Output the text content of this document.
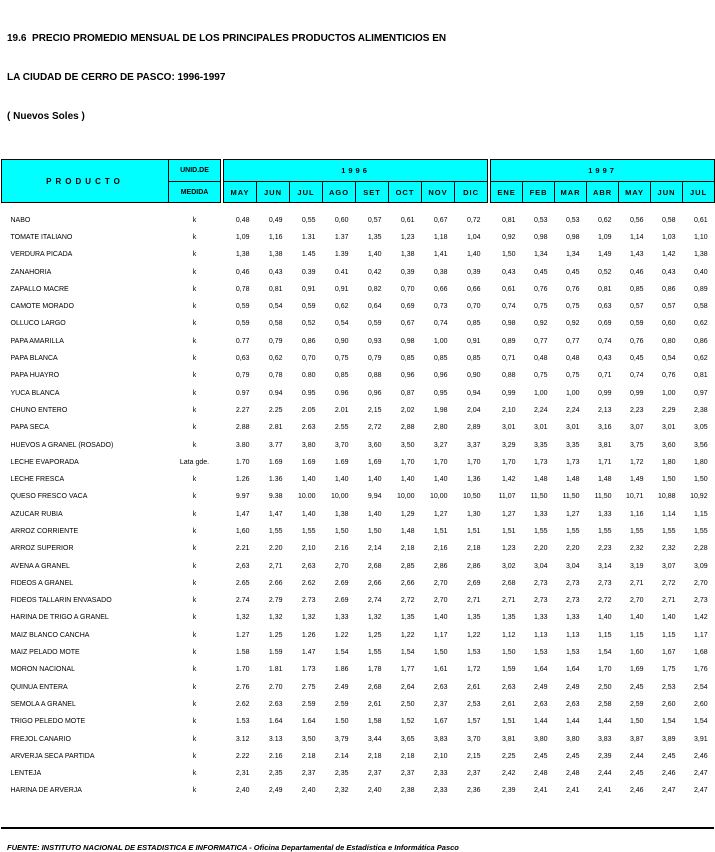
19.6  PRECIO PROMEDIO MENSUAL DE LOS PRINCIPALES PRODUCTOS ALIMENTICIOS EN

LA CIUDAD DE CERRO DE PASCO: 1996-1997

( Nuevos Soles )

PRODUCTO	UNID.DE		1996									1997						
	MEDIDA		MAY	JUN	JUL	AGO	SET	OCT	NOV	DIC		ENE	FEB	MAR	ABR	MAY	JUN	JUL

NABO	k		0,48	0,49	0,55	0,60	0,57	0,61	0,67	0,72		0,81	0,53	0,53	0,62	0,56	0,58	0,61
TOMATE ITALIANO	k		1,09	1,16	1.31	1.37	1,35	1,23	1,18	1,04		0,92	0,98	0,98	1,09	1,14	1,03	1,10
VERDURA PICADA	k		1,38	1,38	1.45	1.39	1,40	1,38	1,41	1,40		1,50	1,34	1,34	1,49	1,43	1,42	1,38
ZANAHORIA	k		0,46	0,43	0.39	0.41	0,42	0,39	0,38	0,39		0,43	0,45	0,45	0,52	0,46	0,43	0,40
ZAPALLO MACRE	k		0,78	0,81	0,91	0,91	0,82	0,70	0,66	0,66		0,61	0,76	0,76	0,81	0,85	0,86	0,89
CAMOTE MORADO	k		0,59	0,54	0,59	0,62	0,64	0,69	0,73	0,70		0,74	0,75	0,75	0,63	0,57	0,57	0,58
OLLUCO LARGO	k		0,59	0,58	0,52	0,54	0,59	0,67	0,74	0,85		0,98	0,92	0,92	0,69	0,59	0,60	0,62
PAPA AMARILLA	k		0.77	0,79	0,86	0,90	0,93	0,98	1,00	0,91		0,89	0,77	0,77	0,74	0,76	0,80	0,86
PAPA BLANCA	k		0,63	0,62	0,70	0,75	0,79	0,85	0,85	0,85		0,71	0,48	0,48	0,43	0,45	0,54	0,62
PAPA HUAYRO	k		0,79	0,78	0.80	0,85	0,88	0,96	0,96	0,90		0,88	0,75	0,75	0,71	0,74	0,76	0,81
YUCA BLANCA	k		0.97	0.94	0.95	0.96	0,96	0,87	0,95	0,94		0,99	1,00	1,00	0,99	0,99	1,00	0,97
CHUNO ENTERO	k		2.27	2.25	2.05	2.01	2,15	2,02	1,98	2,04		2,10	2,24	2,24	2,13	2,23	2,29	2,38
PAPA SECA	k		2.88	2.81	2.63	2.55	2,72	2,88	2,80	2,89		3,01	3,01	3,01	3,16	3,07	3,01	3,05
HUEVOS A GRANEL (ROSADO)	k		3.80	3.77	3,80	3,70	3,60	3,50	3,27	3,37		3,29	3,35	3,35	3,81	3,75	3,60	3,56
LECHE EVAPORADA	Lata gde.		1.70	1.69	1.69	1.69	1,69	1,70	1,70	1,70		1,70	1,73	1,73	1,71	1,72	1,80	1,80
LECHE FRESCA	k		1.26	1.36	1,40	1,40	1,40	1,40	1,40	1,36		1,42	1,48	1,48	1,48	1,49	1,50	1,50
QUESO FRESCO VACA	k		9.97	9.38	10.00	10,00	9,94	10,00	10,00	10,50		11,07	11,50	11,50	11,50	10,71	10,88	10,92
AZUCAR RUBIA	k		1,47	1,47	1,40	1,38	1,40	1,29	1,27	1,30		1,27	1,33	1,27	1,33	1,16	1,14	1,15
ARROZ CORRIENTE	k		1,60	1,55	1,55	1,50	1,50	1,48	1,51	1,51		1,51	1,55	1,55	1,55	1,55	1,55	1,55
ARROZ SUPERIOR	k		2.21	2.20	2,10	2.16	2,14	2,18	2,16	2,18		1,23	2,20	2,20	2,23	2,32	2,32	2,28
AVENA A GRANEL	k		2,63	2,71	2,63	2,70	2,68	2,85	2,86	2,86		3,02	3,04	3,04	3,14	3,19	3,07	3,09
FIDEOS A GRANEL	k		2.65	2.66	2.62	2.69	2,66	2,66	2,70	2,69		2,68	2,73	2,73	2,73	2,71	2,72	2,70
FIDEOS TALLARIN ENVASADO	k		2.74	2.79	2.73	2.69	2,74	2,72	2,70	2,71		2,71	2,73	2,73	2,72	2,70	2,71	2,73
HARINA DE TRIGO A GRANEL	k		1,32	1,32	1,32	1,33	1,32	1,35	1,40	1,35		1,35	1,33	1,33	1,40	1,40	1,40	1,42
MAIZ BLANCO CANCHA	k		1.27	1.25	1.26	1.22	1,25	1,22	1,17	1,22		1,12	1,13	1,13	1,15	1,15	1,15	1,17
MAIZ PELADO MOTE	k		1.58	1.59	1.47	1.54	1,55	1,54	1,50	1,53		1,50	1,53	1,53	1,54	1,60	1,67	1,68
MORON NACIONAL	k		1.70	1.81	1.73	1.86	1,78	1,77	1,61	1,72		1,59	1,64	1,64	1,70	1,69	1,75	1,76
QUINUA ENTERA	k		2.76	2.70	2.75	2.49	2,68	2,64	2,63	2,61		2,63	2,49	2,49	2,50	2,45	2,53	2,54
SEMOLA A GRANEL	k		2.62	2.63	2.59	2.59	2,61	2,50	2,37	2,53		2,61	2,63	2,63	2,58	2,59	2,60	2,60
TRIGO PELEDO MOTE	k		1.53	1.64	1.64	1.50	1,58	1,52	1,67	1,57		1,51	1,44	1,44	1,44	1,50	1,54	1,54
FREJOL CANARIO	k		3.12	3.13	3,50	3,79	3,44	3,65	3,83	3,70		3,81	3,80	3,80	3,83	3,87	3,89	3,91
ARVERJA SECA PARTIDA	k		2.22	2.16	2.18	2.14	2,18	2,18	2,10	2,15		2,25	2,45	2,45	2,39	2,44	2,45	2,46
LENTEJA	k		2,31	2,35	2,37	2,35	2,37	2,37	2,33	2,37		2,42	2,48	2,48	2,44	2,45	2,46	2,47
HARINA DE ARVERJA	k		2,40	2,49	2,40	2,32	2,40	2,38	2,33	2,36		2,39	2,41	2,41	2,41	2,46	2,47	2,47
FUENTE: INSTITUTO NACIONAL DE ESTADISTICA E INFORMATICA - Oficina Departamental de Estadística e Informática Pasco
